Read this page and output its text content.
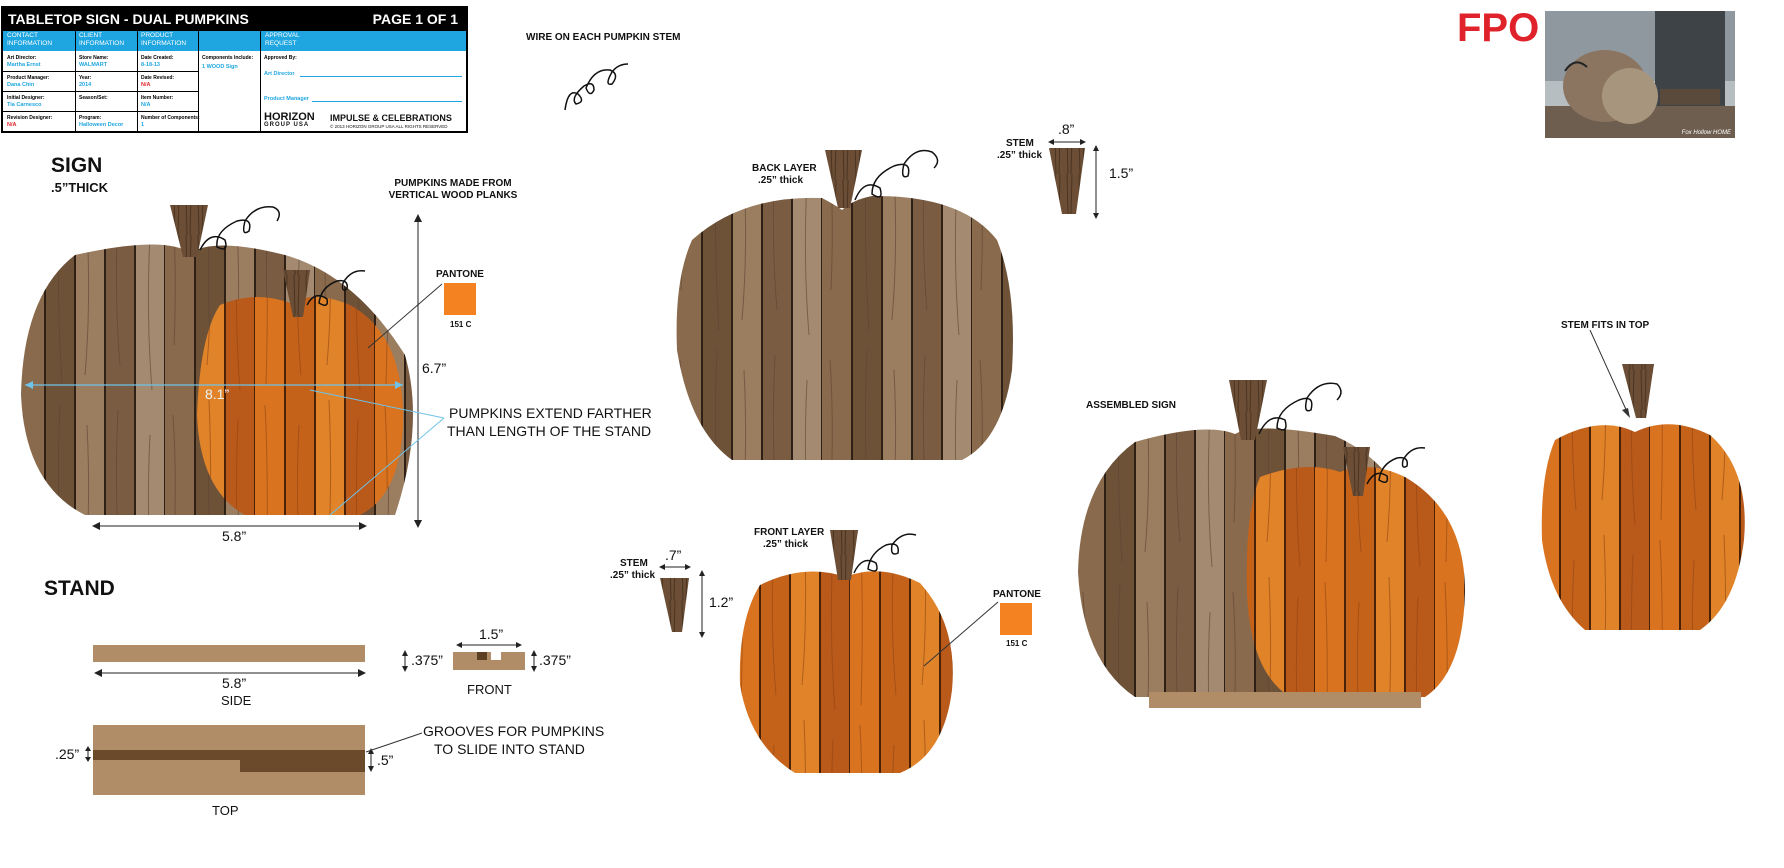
TABLETOP SIGN - DUAL PUMPKINS	PAGE 1 OF 1
CONTACT INFORMATION
CLIENT INFORMATION
PRODUCT INFORMATION
APPROVAL REQUEST
Art Director:
Martha Ernst
Product Manager:
Dana Chin
Initial Designer:
Tia Carnesco
Revision Designer:
N/A
Store Name:
WALMART
Year:
2014
Season/Set:
Program:
Halloween Decor
Date Created:
8-18-13
Date Revised:
N/A
Item Number:
N/A
Number of Components:
1
Components Include:
1 WOOD Sign
Approved By:
Art Director
Product Manager
HORIZON
GROUP USA
IMPULSE & CELEBRATIONS
© 2013 HORIZON GROUP USA ALL RIGHTS RESERVED
FPO
Fox Hollow HOME
WIRE ON EACH PUMPKIN STEM
SIGN
.5”THICK
8.1”
PUMPKINS MADE FROM VERTICAL WOOD PLANKS
PANTONE
151 C
6.7”
5.8”
PUMPKINS EXTEND FARTHER
THAN LENGTH OF THE STAND
STAND
5.8”
SIDE
.375”
1.5”
.375”
FRONT
.25”	.5”
TOP
GROOVES FOR PUMPKINS
TO SLIDE INTO STAND
BACK LAYER
.25” thick
STEM
.25” thick
.8”
1.5”
FRONT LAYER
.25” thick
PANTONE
151 C
STEM
.25” thick
.7”
1.2”
ASSEMBLED SIGN
STEM FITS IN TOP
